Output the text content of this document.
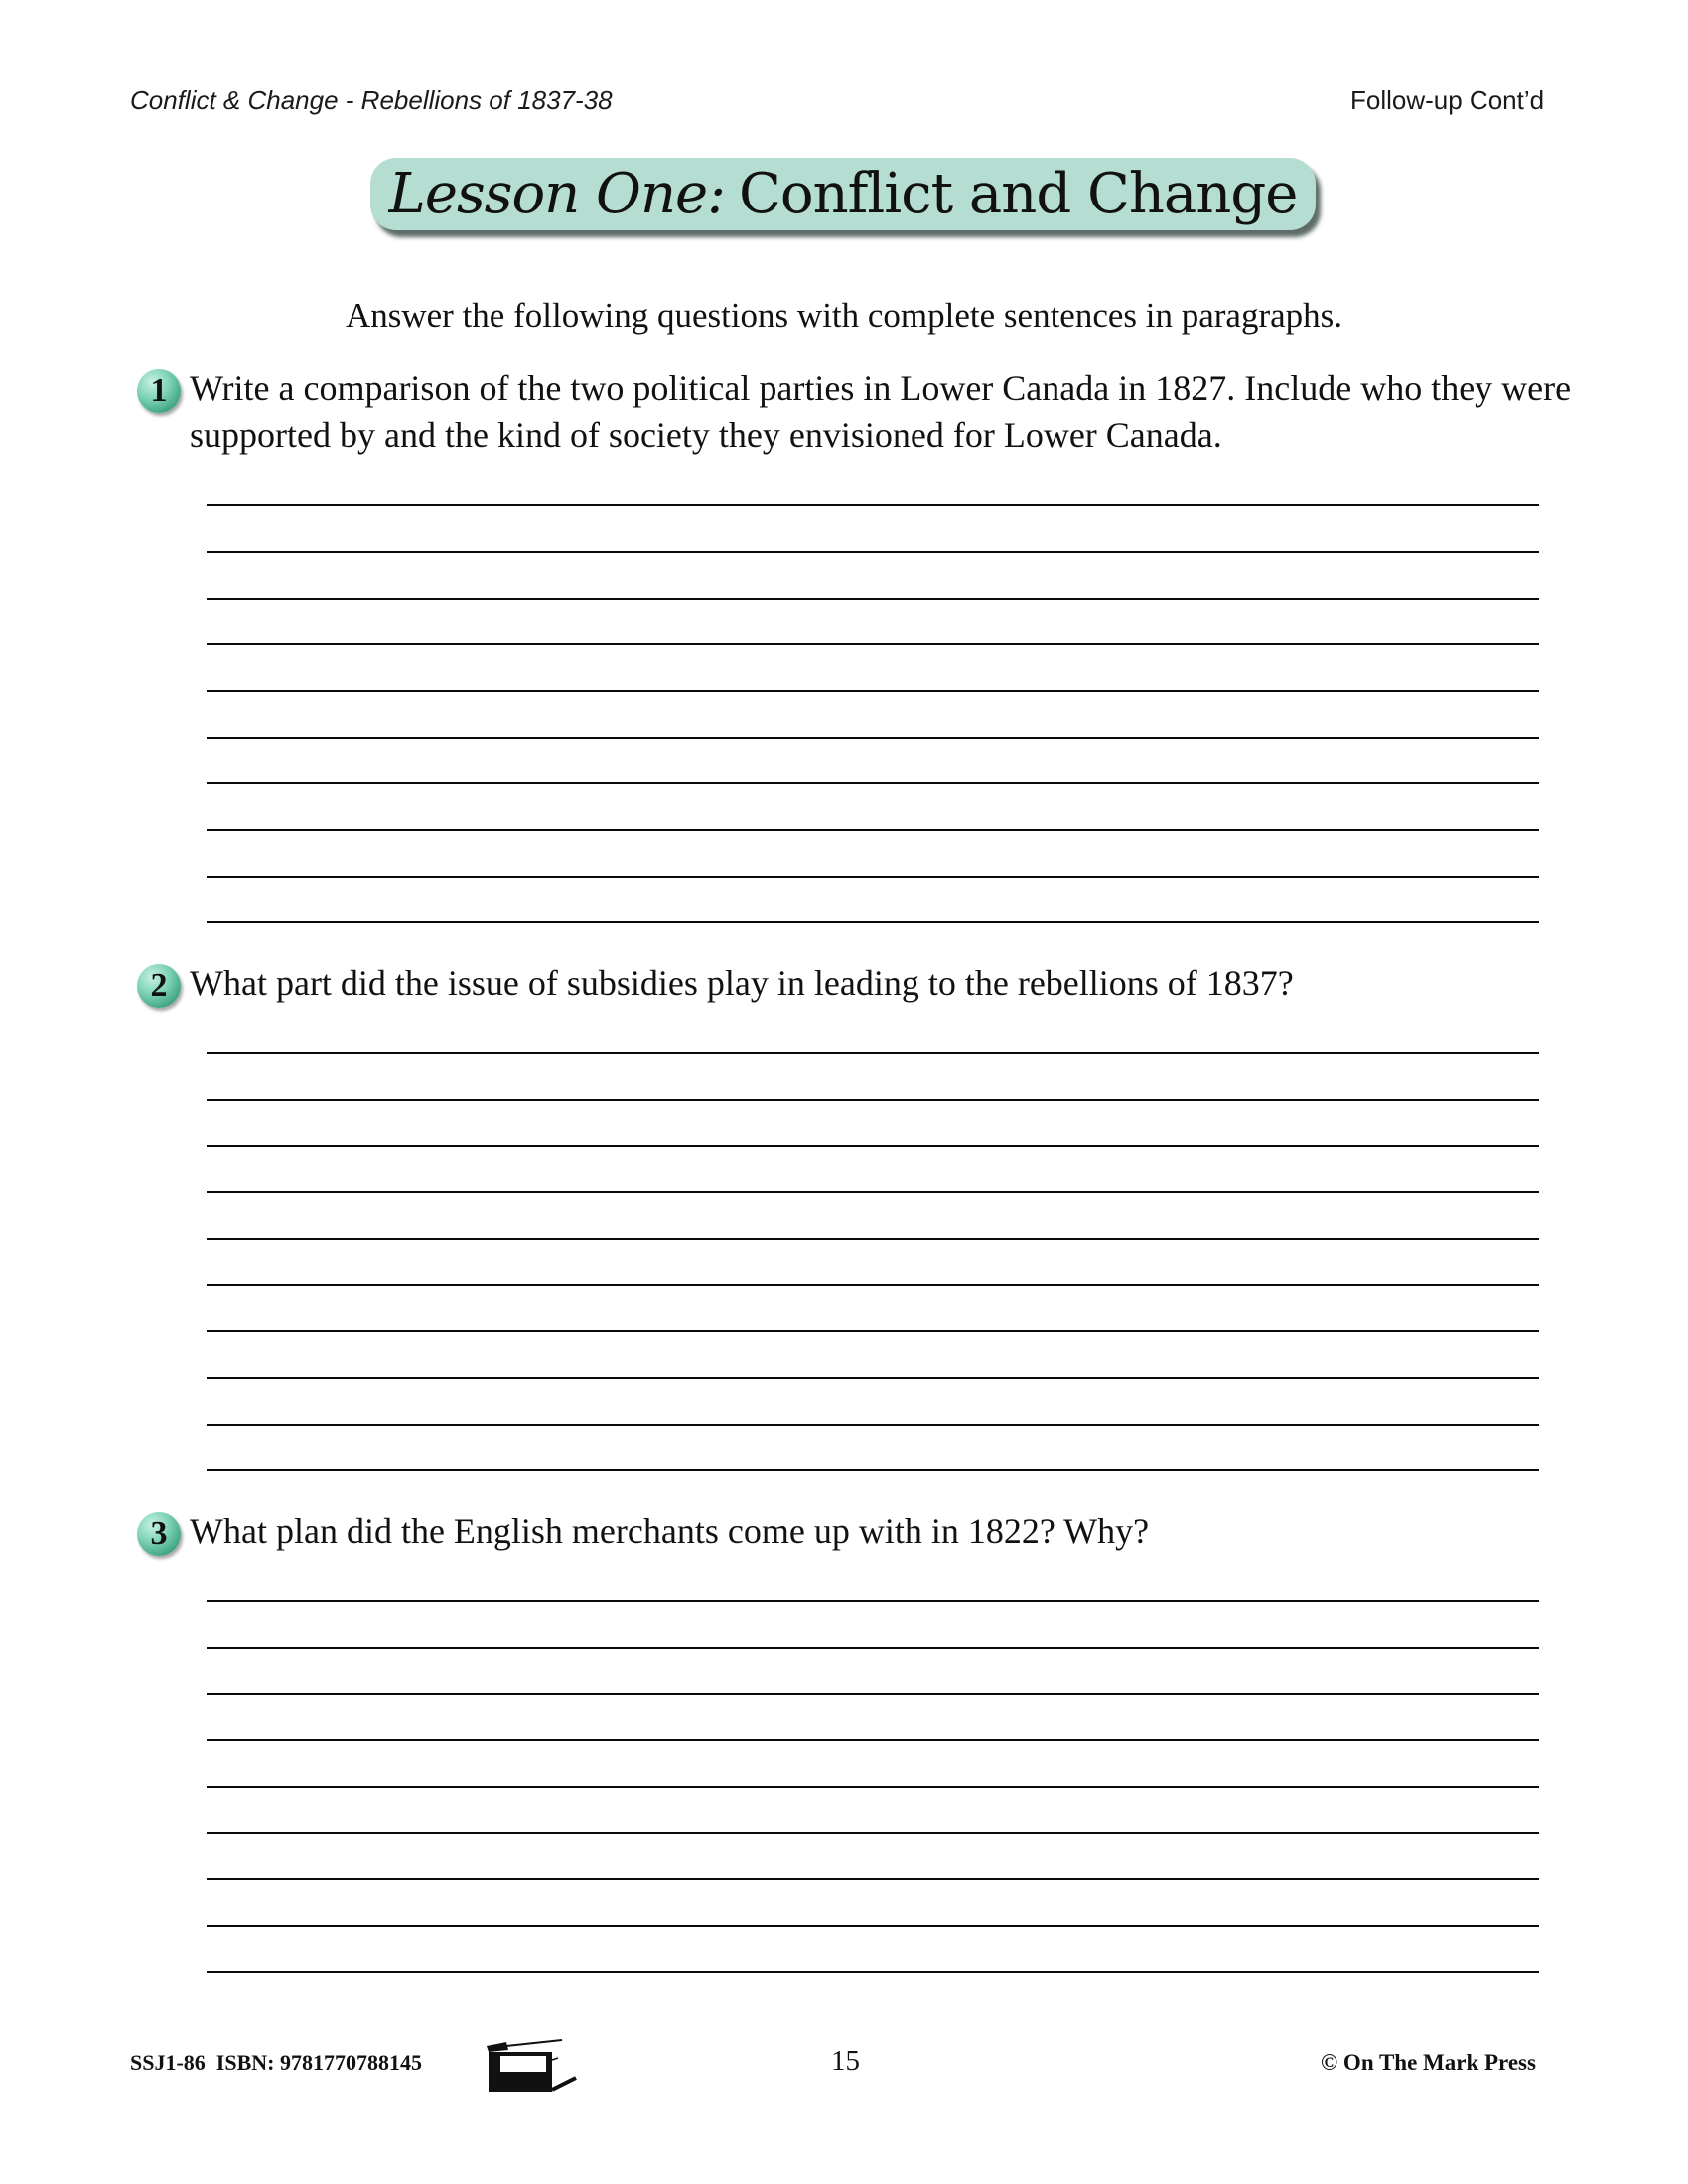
Conflict & Change - Rebellions of 1837-38	Follow-up Cont’d
Lesson One: Conflict and Change
Answer the following questions with complete sentences in paragraphs.
1 Write a comparison of the two political parties in Lower Canada in 1827. Include who they were supported by and the kind of society they envisioned for Lower Canada.
2 What part did the issue of subsidies play in leading to the rebellions of 1837?
3 What plan did the English merchants come up with in 1822? Why?
SSJ1-86  ISBN: 9781770788145	15	© On The Mark Press
